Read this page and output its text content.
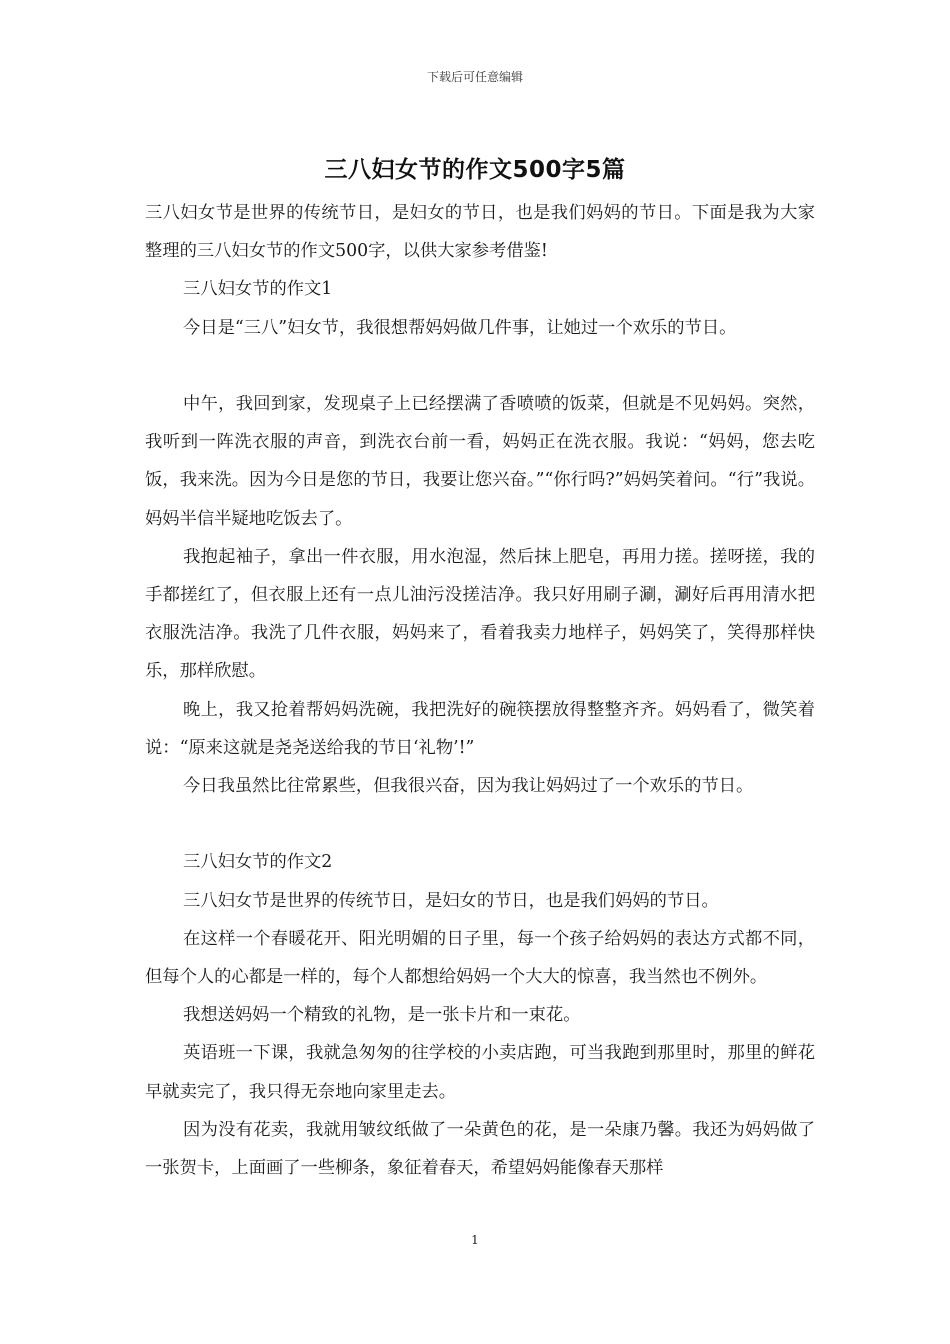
下载后可任意编辑
三八妇女节的作文500字5篇

三八妇女节是世界的传统节日，是妇女的节日，也是我们妈妈的节日。下面是我为大家整理的三八妇女节的作文500字，以供大家参考借鉴!

三八妇女节的作文1

今日是“三八”妇女节，我很想帮妈妈做几件事，让她过一个欢乐的节日。

中午，我回到家，发现桌子上已经摆满了香喷喷的饭菜，但就是不见妈妈。突然，我听到一阵洗衣服的声音，到洗衣台前一看，妈妈正在洗衣服。我说：“妈妈，您去吃饭，我来洗。因为今日是您的节日，我要让您兴奋。”“你行吗?”妈妈笑着问。“行”我说。妈妈半信半疑地吃饭去了。

我抱起袖子，拿出一件衣服，用水泡湿，然后抹上肥皂，再用力搓。搓呀搓，我的手都搓红了，但衣服上还有一点儿油污没搓洁净。我只好用刷子涮，涮好后再用清水把衣服洗洁净。我洗了几件衣服，妈妈来了，看着我卖力地样子，妈妈笑了，笑得那样快乐，那样欣慰。

晚上，我又抢着帮妈妈洗碗，我把洗好的碗筷摆放得整整齐齐。妈妈看了，微笑着说：“原来这就是尧尧送给我的节日‘礼物’!”

今日我虽然比往常累些，但我很兴奋，因为我让妈妈过了一个欢乐的节日。

三八妇女节的作文2

三八妇女节是世界的传统节日，是妇女的节日，也是我们妈妈的节日。

在这样一个春暖花开、阳光明媚的日子里，每一个孩子给妈妈的表达方式都不同，但每个人的心都是一样的，每个人都想给妈妈一个大大的惊喜，我当然也不例外。

我想送妈妈一个精致的礼物，是一张卡片和一束花。

英语班一下课，我就急匆匆的往学校的小卖店跑，可当我跑到那里时，那里的鲜花早就卖完了，我只得无奈地向家里走去。

因为没有花卖，我就用皱纹纸做了一朵黄色的花，是一朵康乃馨。我还为妈妈做了一张贺卡，上面画了一些柳条，象征着春天，希望妈妈能像春天那样

1
